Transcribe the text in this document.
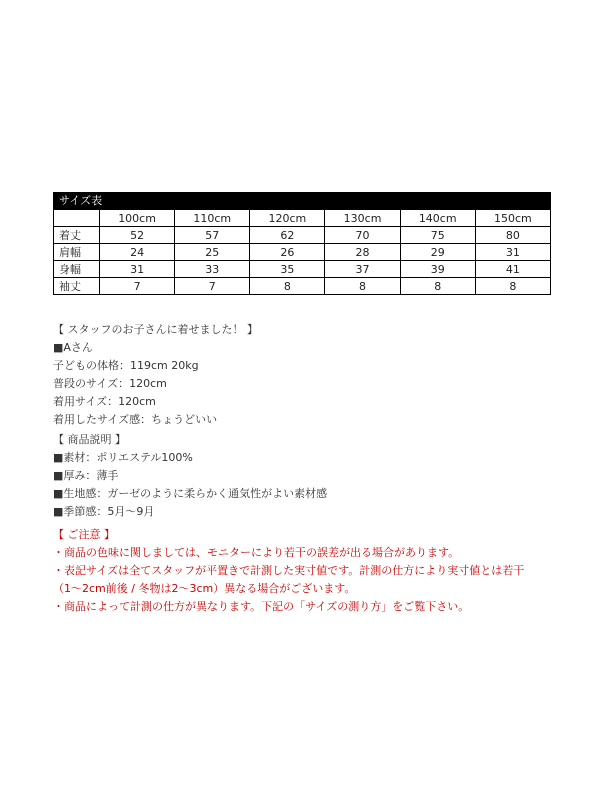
サイズ表
	100cm	110cm	120cm	130cm	140cm	150cm
着丈	52	57	62	70	75	80
肩幅	24	25	26	28	29	31
身幅	31	33	35	37	39	41
袖丈	7	7	8	8	8	8
【 スタッフのお子さんに着せました！ 】
■Aさん
子どもの体格：119cm 20kg
普段のサイズ：120cm
着用サイズ：120cm
着用したサイズ感：ちょうどいい
【 商品説明 】
■素材：ポリエステル100%
■厚み：薄手
■生地感：ガーゼのように柔らかく通気性がよい素材感
■季節感：5月〜9月
【 ご注意 】
・商品の色味に関しましては、モニターにより若干の誤差が出る場合があります。
・表記サイズは全てスタッフが平置きで計測した実寸値です。計測の仕方により実寸値とは若干
（1〜2cm前後 / 冬物は2〜3cm）異なる場合がございます。
・商品によって計測の仕方が異なります。下記の「サイズの測り方」をご覧下さい。
